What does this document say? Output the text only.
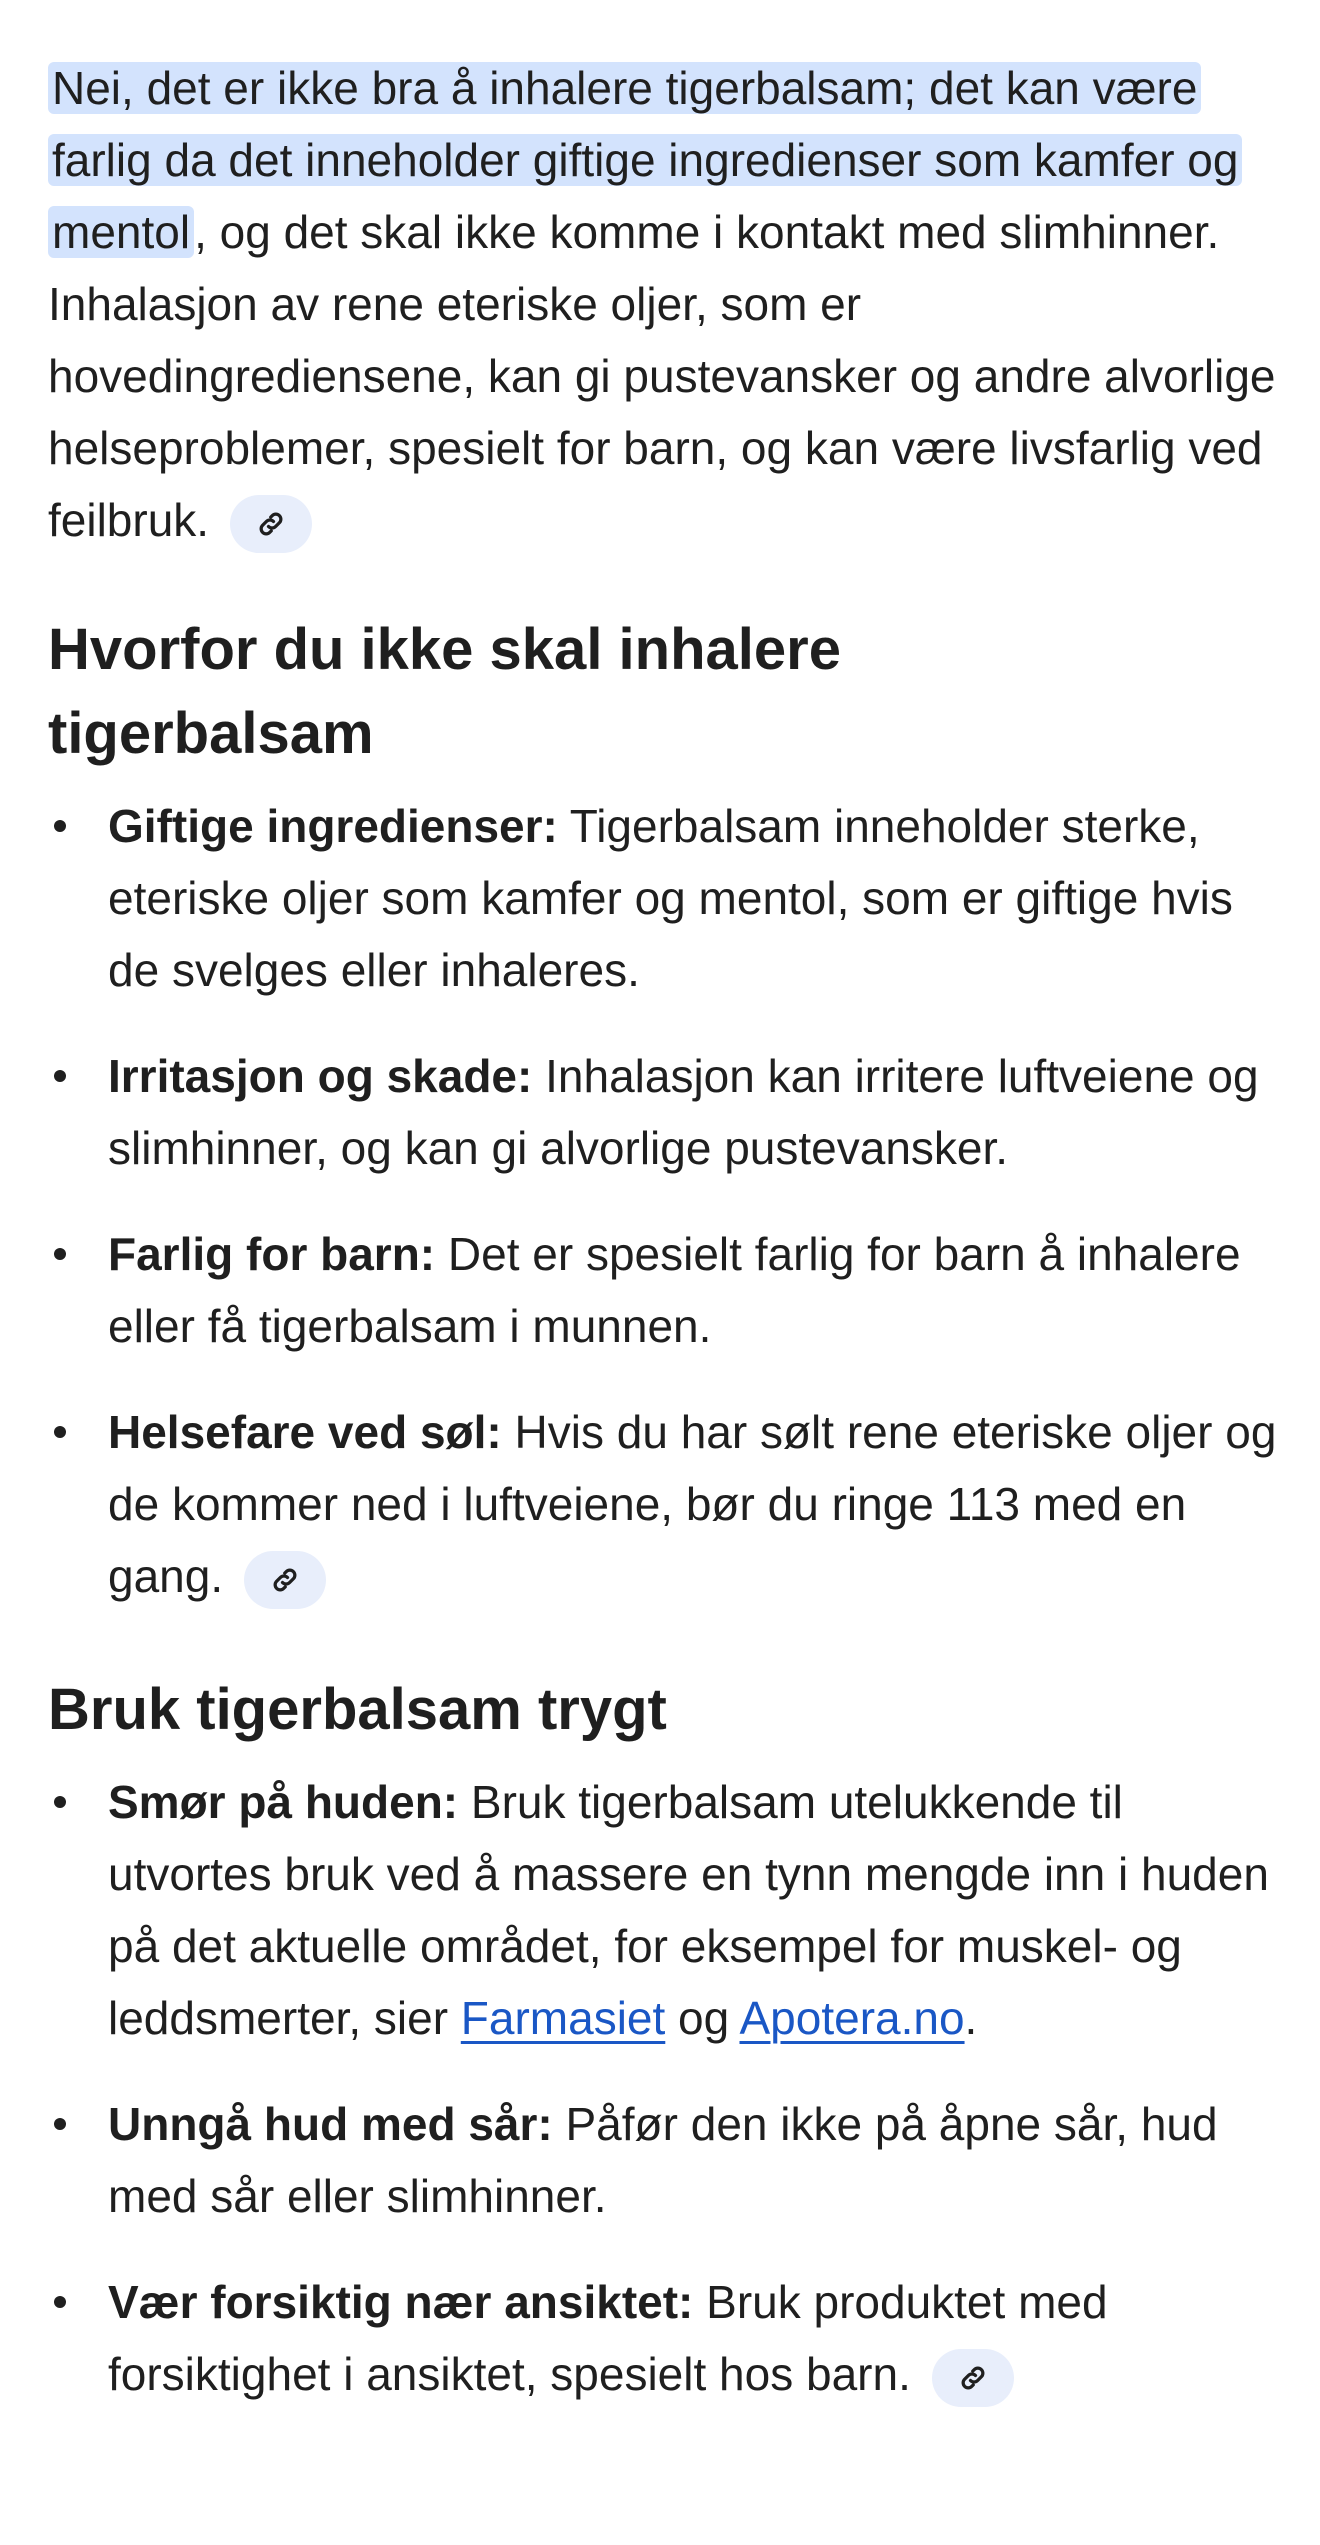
Nei, det er ikke bra å inhalere tigerbalsam; det kan være farlig da det inneholder giftige ingredienser som kamfer og mentol, og det skal ikke komme i kontakt med slimhinner. Inhalasjon av rene eteriske oljer, som er hovedingrediensene, kan gi pustevansker og andre alvorlige helseproblemer, spesielt for barn, og kan være livsfarlig ved feilbruk.

Hvorfor du ikke skal inhalere tigerbalsam
Giftige ingredienser: Tigerbalsam inneholder sterke, eteriske oljer som kamfer og mentol, som er giftige hvis de svelges eller inhaleres.
Irritasjon og skade: Inhalasjon kan irritere luftveiene og slimhinner, og kan gi alvorlige pustevansker.
Farlig for barn: Det er spesielt farlig for barn å inhalere eller få tigerbalsam i munnen.
Helsefare ved søl: Hvis du har sølt rene eteriske oljer og de kommer ned i luftveiene, bør du ringe 113 med en gang.
Bruk tigerbalsam trygt
Smør på huden: Bruk tigerbalsam utelukkende til utvortes bruk ved å massere en tynn mengde inn i huden på det aktuelle området, for eksempel for muskel- og leddsmerter, sier Farmasiet og Apotera.no.
Unngå hud med sår: Påfør den ikke på åpne sår, hud med sår eller slimhinner.
Vær forsiktig nær ansiktet: Bruk produktet med forsiktighet i ansiktet, spesielt hos barn.
